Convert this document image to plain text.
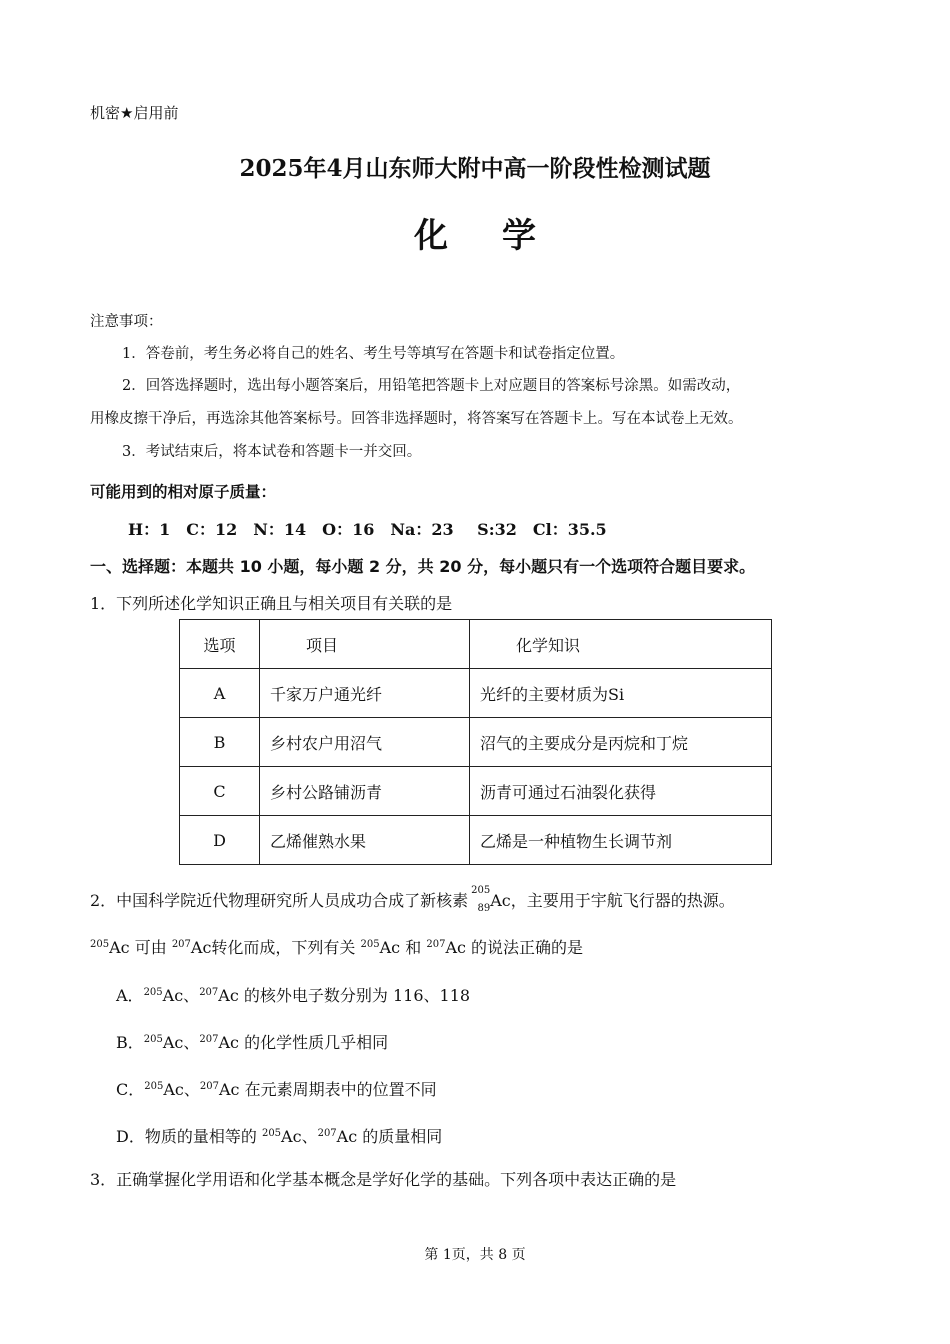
机密★启用前
2025年4月山东师大附中高一阶段性检测试题
化学
注意事项：
1．答卷前，考生务必将自己的姓名、考生号等填写在答题卡和试卷指定位置。
2．回答选择题时，选出每小题答案后，用铅笔把答题卡上对应题目的答案标号涂黑。如需改动，
用橡皮擦干净后，再选涂其他答案标号。回答非选择题时，将答案写在答题卡上。写在本试卷上无效。
3．考试结束后，将本试卷和答题卡一并交回。
可能用到的相对原子质量：
H：1　C：12　N：14　O：16　Na：23　 S:32　Cl：35.5
一、选择题：本题共 10 小题，每小题 2 分，共 20 分，每小题只有一个选项符合题目要求。
1．下列所述化学知识正确且与相关项目有关联的是
选项	项目	化学知识
A	千家万户通光纤	光纤的主要材质为Si
B	乡村农户用沼气	沼气的主要成分是丙烷和丁烷
C	乡村公路铺沥青	沥青可通过石油裂化获得
D	乙烯催熟水果	乙烯是一种植物生长调节剂
2．中国科学院近代物理研究所人员成功合成了新核素
205
89 Ac，主要用于宇航飞行器的热源。
$^{205}$Ac 可由 $^{207}$Ac转化而成，下列有关 $^{205}$Ac 和 $^{207}$Ac 的说法正确的是
A．$^{205}$Ac、$^{207}$Ac 的核外电子数分别为 116、118
B．$^{205}$Ac、$^{207}$Ac 的化学性质几乎相同
C．$^{205}$Ac、$^{207}$Ac 在元素周期表中的位置不同
D．物质的量相等的 $^{205}$Ac、$^{207}$Ac 的质量相同
3．正确掌握化学用语和化学基本概念是学好化学的基础。下列各项中表达正确的是
第 1页，共 8 页
